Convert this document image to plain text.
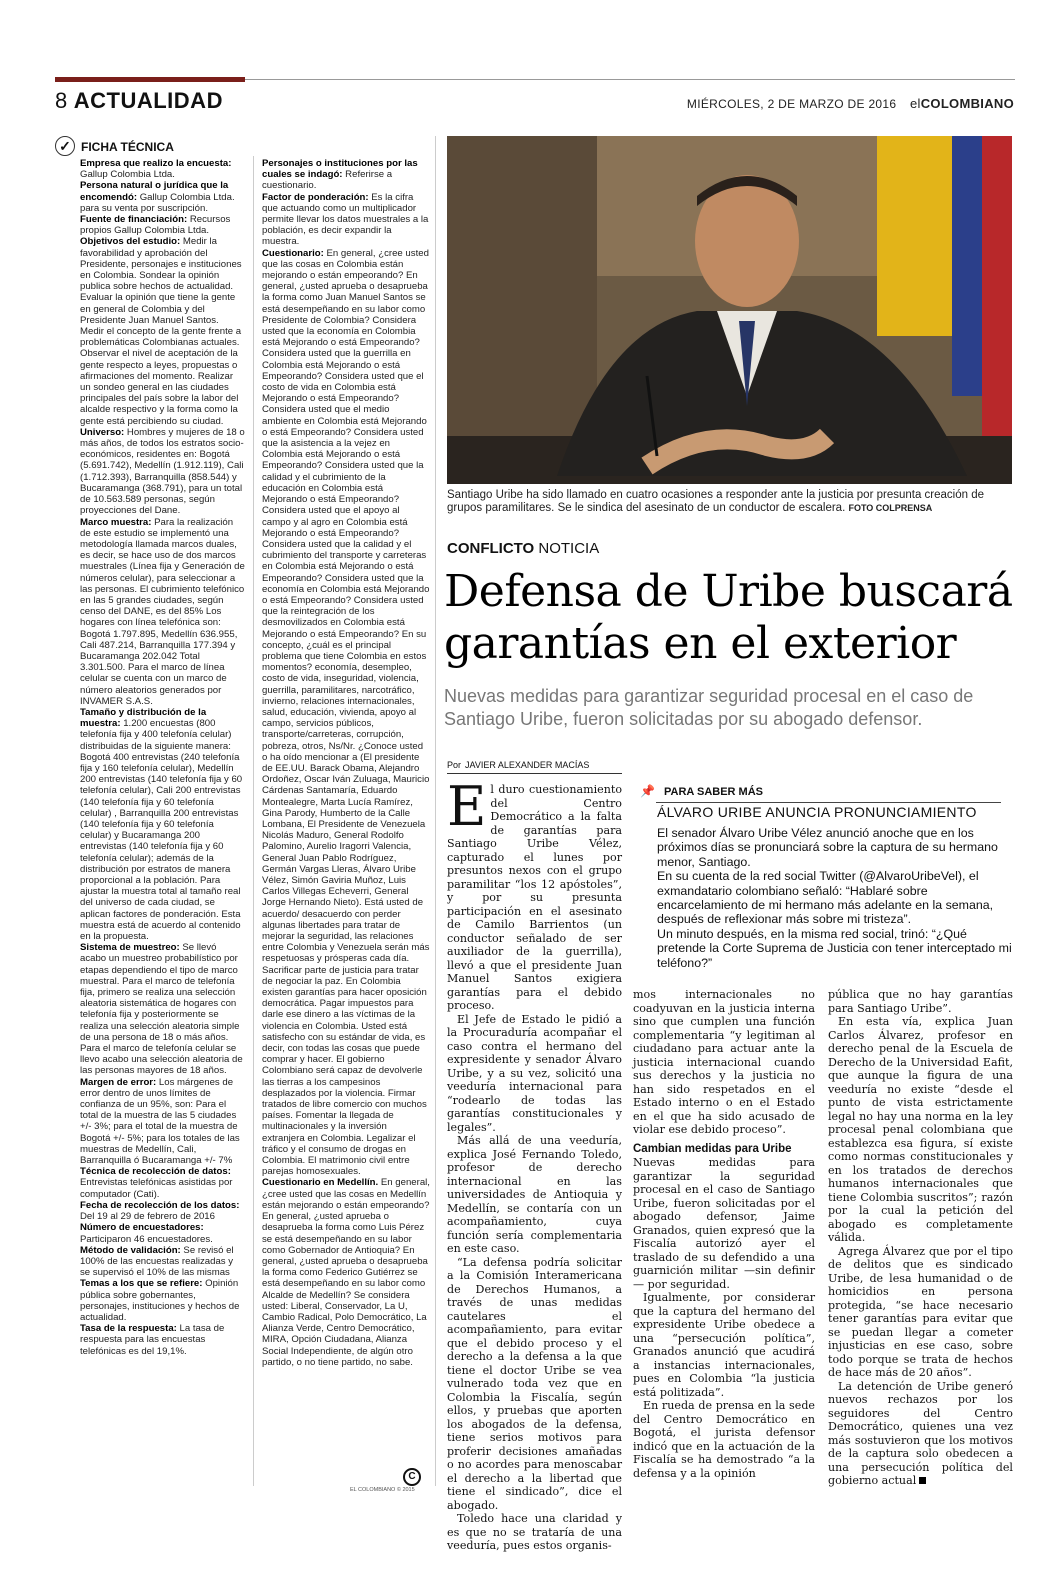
8 ACTUALIDAD	MIÉRCOLES, 2 DE MARZO DE 2016 elCOLOMBIANO
✓ FICHA TÉCNICA

Empresa que realizo la encuesta: Gallup Colombia Ltda.

Persona natural o jurídica que la encomendó: Gallup Colombia Ltda. para su venta por suscripción.

Fuente de financiación: Recursos propios Gallup Colombia Ltda.

Objetivos del estudio: Medir la favorabilidad y aprobación del Presidente, personajes e instituciones en Colombia. Sondear la opinión publica sobre hechos de actualidad. Evaluar la opinión que tiene la gente en general de Colombia y del Presidente Juan Manuel Santos. Medir el concepto de la gente frente a problemáticas Colombianas actuales. Observar el nivel de aceptación de la gente respecto a leyes, propuestas o afirmaciones del momento. Realizar un sondeo general en las ciudades principales del país sobre la labor del alcalde respectivo y la forma como la gente está percibiendo su ciudad.

Universo: Hombres y mujeres de 18 o más años, de todos los estratos socio-económicos, residentes en: Bogotá (5.691.742), Medellín (1.912.119), Cali (1.712.393), Barranquilla (858.544) y Bucaramanga (368.791), para un total de 10.563.589 personas, según proyecciones del Dane.

Marco muestra: Para la realización de este estudio se implementó una metodología llamada marcos duales, es decir, se hace uso de dos marcos muestrales (Línea fija y Generación de números celular), para seleccionar a las personas. El cubrimiento telefónico en las 5 grandes ciudades, según censo del DANE, es del 85% Los hogares con línea telefónica son: Bogotá 1.797.895, Medellín 636.955, Cali 487.214, Barranquilla 177.394 y Bucaramanga 202.042 Total 3.301.500. Para el marco de línea celular se cuenta con un marco de número aleatorios generados por INVAMER S.A.S.

Tamaño y distribución de la muestra: 1.200 encuestas (800 telefonía fija y 400 telefonía celular) distribuidas de la siguiente manera: Bogotá 400 entrevistas (240 telefonía fija y 160 telefonía celular), Medellín 200 entrevistas (140 telefonía fija y 60 telefonía celular), Cali 200 entrevistas (140 telefonía fija y 60 telefonía celular) , Barranquilla 200 entrevistas (140 telefonía fija y 60 telefonía celular) y Bucaramanga 200 entrevistas (140 telefonía fija y 60 telefonía celular); además de la distribución por estratos de manera proporcional a la población. Para ajustar la muestra total al tamaño real del universo de cada ciudad, se aplican factores de ponderación. Esta muestra está de acuerdo al contenido en la propuesta.

Sistema de muestreo: Se llevó acabo un muestreo probabilístico por etapas dependiendo el tipo de marco muestral. Para el marco de telefonía fija, primero se realiza una selección aleatoria sistemática de hogares con telefonía fija y posteriormente se realiza una selección aleatoria simple de una persona de 18 o más años. Para el marco de telefonía celular se llevo acabo una selección aleatoria de las personas mayores de 18 años.

Margen de error: Los márgenes de error dentro de unos límites de confianza de un 95%, son: Para el total de la muestra de las 5 ciudades +/- 3%; para el total de la muestra de Bogotá +/- 5%; para los totales de las muestras de Medellín, Cali, Barranquilla ó Bucaramanga +/- 7%

Técnica de recolección de datos: Entrevistas telefónicas asistidas por computador (Cati).

Fecha de recolección de los datos: Del 19 al 29 de febrero de 2016

Número de encuestadores: Participaron 46 encuestadores.

Método de validación: Se revisó el 100% de las encuestas realizadas y se supervisó el 10% de las mismas

Temas a los que se refiere: Opinión pública sobre gobernantes, personajes, instituciones y hechos de actualidad.

Tasa de la respuesta: La tasa de respuesta para las encuestas telefónicas es del 19,1%.

Personajes o instituciones por las cuales se indagó: Referirse a cuestionario.

Factor de ponderación: Es la cifra que actuando como un multiplicador permite llevar los datos muestrales a la población, es decir expandir la muestra.

Cuestionario: En general, ¿cree usted que las cosas en Colombia están mejorando o están empeorando? En general, ¿usted aprueba o desaprueba la forma como Juan Manuel Santos se está desempeñando en su labor como Presidente de Colombia? Considera usted que la economía en Colombia está Mejorando o está Empeorando? Considera usted que la guerrilla en Colombia está Mejorando o está Empeorando? Considera usted que el costo de vida en Colombia está Mejorando o está Empeorando? Considera usted que el medio ambiente en Colombia está Mejorando o está Empeorando? Considera usted que la asistencia a la vejez en Colombia está Mejorando o está Empeorando? Considera usted que la calidad y el cubrimiento de la educación en Colombia está Mejorando o está Empeorando? Considera usted que el apoyo al campo y al agro en Colombia está Mejorando o está Empeorando? Considera usted que la calidad y el cubrimiento del transporte y carreteras en Colombia está Mejorando o está Empeorando? Considera usted que la economía en Colombia está Mejorando o está Empeorando? Considera usted que la reintegración de los desmovilizados en Colombia está Mejorando o está Empeorando? En su concepto, ¿cuál es el principal problema que tiene Colombia en estos momentos? economía, desempleo, costo de vida, inseguridad, violencia, guerrilla, paramilitares, narcotráfico, invierno, relaciones internacionales, salud, educación, vivienda, apoyo al campo, servicios públicos, transporte/carreteras, corrupción, pobreza, otros, Ns/Nr. ¿Conoce usted o ha oído mencionar a (El presidente de EE.UU. Barack Obama, Alejandro Ordoñez, Oscar Iván Zuluaga, Mauricio Cárdenas Santamaría, Eduardo Montealegre, Marta Lucía Ramírez, Gina Parody, Humberto de la Calle Lombana, El Presidente de Venezuela Nicolás Maduro, General Rodolfo Palomino, Aurelio Iragorri Valencia, General Juan Pablo Rodríguez, Germán Vargas Lleras, Álvaro Uribe Vélez, Simón Gaviria Muñoz, Luis Carlos Villegas Echeverri, General Jorge Hernando Nieto). Está usted de acuerdo/ desacuerdo con perder algunas libertades para tratar de mejorar la seguridad, las relaciones entre Colombia y Venezuela serán más respetuosas y prósperas cada día. Sacrificar parte de justicia para tratar de negociar la paz. En Colombia existen garantías para hacer oposición democrática. Pagar impuestos para darle ese dinero a las víctimas de la violencia en Colombia. Usted está satisfecho con su estándar de vida, es decir, con todas las cosas que puede comprar y hacer. El gobierno Colombiano será capaz de devolverle las tierras a los campesinos desplazados por la violencia. Firmar tratados de libre comercio con muchos países. Fomentar la llegada de multinacionales y la inversión extranjera en Colombia. Legalizar el tráfico y el consumo de drogas en Colombia. El matrimonio civil entre parejas homosexuales.

Cuestionario en Medellín. En general, ¿cree usted que las cosas en Medellín están mejorando o están empeorando? En general, ¿usted aprueba o desaprueba la forma como Luis Pérez se está desempeñando en su labor como Gobernador de Antioquia? En general, ¿usted aprueba o desaprueba la forma como Federico Gutiérrez se está desempeñando en su labor como Alcalde de Medellín? Se considera usted: Liberal, Conservador, La U, Cambio Radical, Polo Democrático, La Alianza Verde, Centro Democrático, MIRA, Opción Ciudadana, Alianza Social Independiente, de algún otro partido, o no tiene partido, no sabe.

Santiago Uribe ha sido llamado en cuatro ocasiones a responder ante la justicia por presunta creación de grupos paramilitares. Se le sindica del asesinato de un conductor de escalera. FOTO COLPRENSA
CONFLICTO NOTICIA
Defensa de Uribe buscará garantías en el exterior
Nuevas medidas para garantizar seguridad procesal en el caso de Santiago Uribe, fueron solicitadas por su abogado defensor.
Por JAVIER ALEXANDER MACÍAS

El duro cuestionamiento del Centro Democrático a la falta de garantías para Santiago Uribe Vélez, capturado el lunes por presuntos nexos con el grupo paramilitar “los 12 apóstoles”, y por su presunta participación en el asesinato de Camilo Barrientos (un conductor señalado de ser auxiliador de la guerrilla), llevó a que el presidente Juan Manuel Santos exigiera garantías para el debido proceso.

El Jefe de Estado le pidió a la Procuraduría acompañar el caso contra el hermano del expresidente y senador Álvaro Uribe, y a su vez, solicitó una veeduría internacional para “rodearlo de todas las garantías constitucionales y legales”.

Más allá de una veeduría, explica José Fernando Toledo, profesor de derecho internacional en las universidades de Antioquia y Medellín, se contaría con un acompañamiento, cuya función sería complementaria en este caso.

“La defensa podría solicitar a la Comisión Interamericana de Derechos Humanos, a través de unas medidas cautelares el acompañamiento, para evitar que el debido proceso y el derecho a la defensa a la que tiene el doctor Uribe se vea vulnerado toda vez que en Colombia la Fiscalía, según ellos, y pruebas que aporten los abogados de la defensa, tiene serios motivos para proferir decisiones amañadas o no acordes para menoscabar el derecho a la libertad que tiene el sindicado”, dice el abogado.

Toledo hace una claridad y es que no se trataría de una veeduría, pues estos organis-

mos internacionales no coadyuvan en la justicia interna sino que cumplen una función complementaria “y legitiman al ciudadano para actuar ante la justicia internacional cuando sus derechos y la justicia no han sido respetados en el Estado interno o en el Estado en el que ha sido acusado de violar ese debido proceso”.

Cambian medidas para Uribe

Nuevas medidas para garantizar la seguridad procesal en el caso de Santiago Uribe, fueron solicitadas por el abogado defensor, Jaime Granados, quien expresó que la Fiscalía autorizó ayer el traslado de su defendido a una guarnición militar —sin definir— por seguridad.

Igualmente, por considerar que la captura del hermano del expresidente Uribe obedece a una “persecución política”, Granados anunció que acudirá a instancias internacionales, pues en Colombia “la justicia está politizada”.

En rueda de prensa en la sede del Centro Democrático en Bogotá, el jurista defensor indicó que en la actuación de la Fiscalía se ha demostrado “a la defensa y a la opinión

pública que no hay garantías para Santiago Uribe”.

En esta vía, explica Juan Carlos Álvarez, profesor en derecho penal de la Escuela de Derecho de la Universidad Eafit, que aunque la figura de una veeduría no existe “desde el punto de vista estrictamente legal no hay una norma en la ley procesal penal colombiana que establezca esa figura, sí existe como normas constitucionales y en los tratados de derechos humanos internacionales que tiene Colombia suscritos”; razón por la cual la petición del abogado es completamente válida.

Agrega Álvarez que por el tipo de delitos que es sindicado Uribe, de lesa humanidad o de homicidios en persona protegida, “se hace necesario tener garantías para evitar que se puedan llegar a cometer injusticias en ese caso, sobre todo porque se trata de hechos de hace más de 20 años”.

La detención de Uribe generó nuevos rechazos por los seguidores del Centro Democrático, quienes una vez más sostuvieron que los motivos de la captura solo obedecen a una persecución política del gobierno actual

📌 PARA SABER MÁS
ÁLVARO URIBE ANUNCIA PRONUNCIAMIENTO

El senador Álvaro Uribe Vélez anunció anoche que en los próximos días se pronunciará sobre la captura de su hermano menor, Santiago.

En su cuenta de la red social Twitter (@AlvaroUribeVel), el exmandatario colombiano señaló: “Hablaré sobre encarcelamiento de mi hermano más adelante en la semana, después de reflexionar más sobre mi tristeza”.

Un minuto después, en la misma red social, trinó: “¿Qué pretende la Corte Suprema de Justicia con tener interceptado mi teléfono?”

C
EL COLOMBIANO © 2015
